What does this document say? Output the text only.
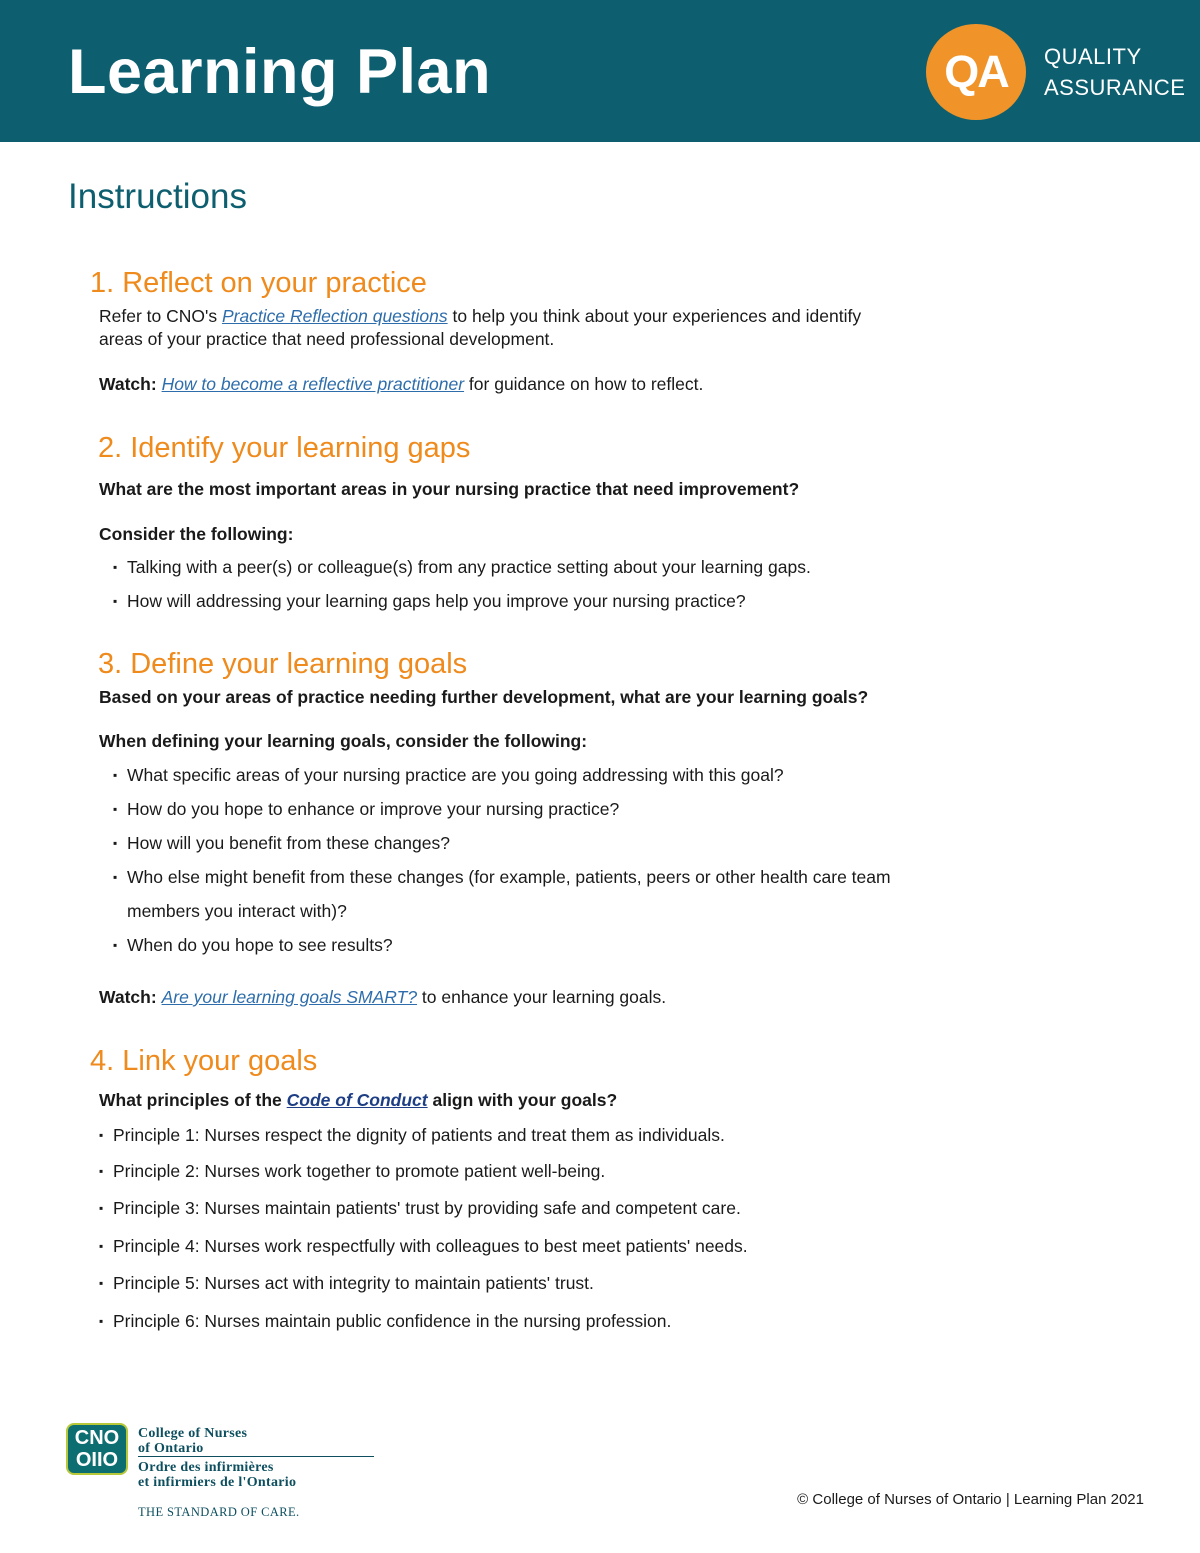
Learning Plan	QA	QUALITY
ASSURANCE
Instructions
1. Reflect on your practice

Refer to CNO's Practice Reflection questions to help you think about your experiences and identify

areas of your practice that need professional development.

Watch: How to become a reflective practitioner for guidance on how to reflect.

2. Identify your learning gaps

What are the most important areas in your nursing practice that need improvement?

Consider the following:

▪ Talking with a peer(s) or colleague(s) from any practice setting about your learning gaps.

▪ How will addressing your learning gaps help you improve your nursing practice?

3. Define your learning goals

Based on your areas of practice needing further development, what are your learning goals?

When defining your learning goals, consider the following:

▪ What specific areas of your nursing practice are you going addressing with this goal?

▪ How do you hope to enhance or improve your nursing practice?

▪ How will you benefit from these changes?

▪ Who else might benefit from these changes (for example, patients, peers or other health care team

members you interact with)?

▪ When do you hope to see results?

Watch: Are your learning goals SMART? to enhance your learning goals.

4. Link your goals

What principles of the Code of Conduct align with your goals?

▪ Principle 1: Nurses respect the dignity of patients and treat them as individuals.

▪ Principle 2: Nurses work together to promote patient well-being.

▪ Principle 3: Nurses maintain patients' trust by providing safe and competent care.

▪ Principle 4: Nurses work respectfully with colleagues to best meet patients' needs.

▪ Principle 5: Nurses act with integrity to maintain patients' trust.

▪ Principle 6: Nurses maintain public confidence in the nursing profession.

CNO
OIIO
College of Nurses
of Ontario
Ordre des infirmières
et infirmiers de l'Ontario
THE STANDARD OF CARE.
© College of Nurses of Ontario | Learning Plan 2021
